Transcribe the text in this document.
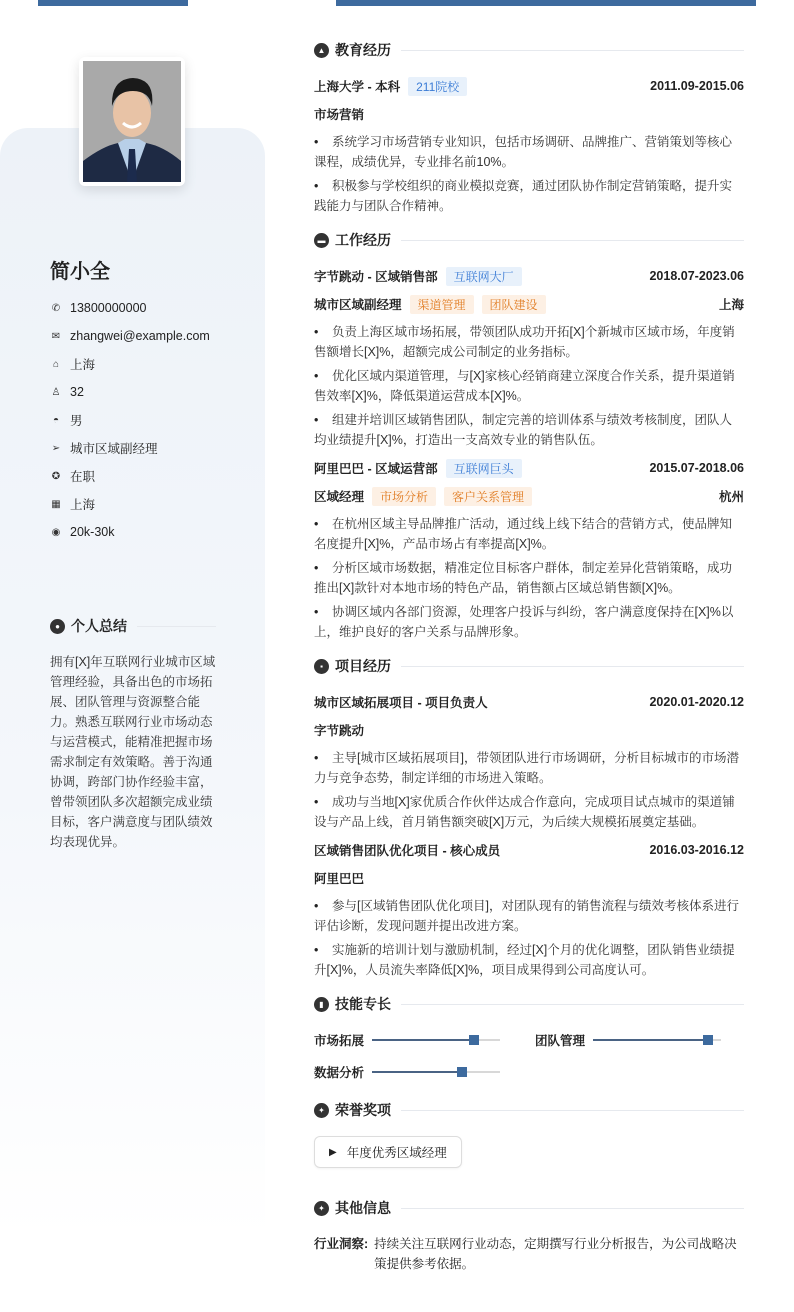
简小全
✆ 13800000000
✉ zhangwei@example.com
⌂ 上海
♙ 32
◓ 男
➢ 城市区域副经理
✪ 在职
▦ 上海
◉ 20k-30k
● 个人总结
拥有[X]年互联网行业城市区域管理经验，具备出色的市场拓展、团队管理与资源整合能力。熟悉互联网行业市场动态与运营模式，能精准把握市场需求制定有效策略。善于沟通协调，跨部门协作经验丰富，曾带领团队多次超额完成业绩目标，客户满意度与团队绩效均表现优异。
▲ 教育经历
上海大学 - 本科	211院校	2011.09-2015.06
市场营销
• 系统学习市场营销专业知识，包括市场调研、品牌推广、营销策划等核心课程，成绩优异，专业排名前10%。
• 积极参与学校组织的商业模拟竞赛，通过团队协作制定营销策略，提升实践能力与团队合作精神。
▬ 工作经历
字节跳动 - 区域销售部	互联网大厂	2018.07-2023.06
城市区域副经理	渠道管理	团队建设	上海
• 负责上海区域市场拓展，带领团队成功开拓[X]个新城市区域市场，年度销售额增长[X]%，超额完成公司制定的业务指标。
• 优化区域内渠道管理，与[X]家核心经销商建立深度合作关系，提升渠道销售效率[X]%，降低渠道运营成本[X]%。
• 组建并培训区域销售团队，制定完善的培训体系与绩效考核制度，团队人均业绩提升[X]%，打造出一支高效专业的销售队伍。
阿里巴巴 - 区域运营部	互联网巨头	2015.07-2018.06
区域经理	市场分析	客户关系管理	杭州
• 在杭州区域主导品牌推广活动，通过线上线下结合的营销方式，使品牌知名度提升[X]%，产品市场占有率提高[X]%。
• 分析区域市场数据，精准定位目标客户群体，制定差异化营销策略，成功推出[X]款针对本地市场的特色产品，销售额占区域总销售额[X]%。
• 协调区域内各部门资源，处理客户投诉与纠纷，客户满意度保持在[X]%以上，维护良好的客户关系与品牌形象。
▪ 项目经历
城市区域拓展项目 - 项目负责人	2020.01-2020.12
字节跳动
• 主导[城市区域拓展项目]，带领团队进行市场调研，分析目标城市的市场潜力与竞争态势，制定详细的市场进入策略。
• 成功与当地[X]家优质合作伙伴达成合作意向，完成项目试点城市的渠道铺设与产品上线，首月销售额突破[X]万元，为后续大规模拓展奠定基础。
区域销售团队优化项目 - 核心成员	2016.03-2016.12
阿里巴巴
• 参与[区域销售团队优化项目]，对团队现有的销售流程与绩效考核体系进行评估诊断，发现问题并提出改进方案。
• 实施新的培训计划与激励机制，经过[X]个月的优化调整，团队销售业绩提升[X]%，人员流失率降低[X]%，项目成果得到公司高度认可。
▮ 技能专长
市场拓展	团队管理
数据分析
✦ 荣誉奖项
▶ 年度优秀区域经理
✦ 其他信息
行业洞察: 持续关注互联网行业动态，定期撰写行业分析报告，为公司战略决策提供参考依据。
